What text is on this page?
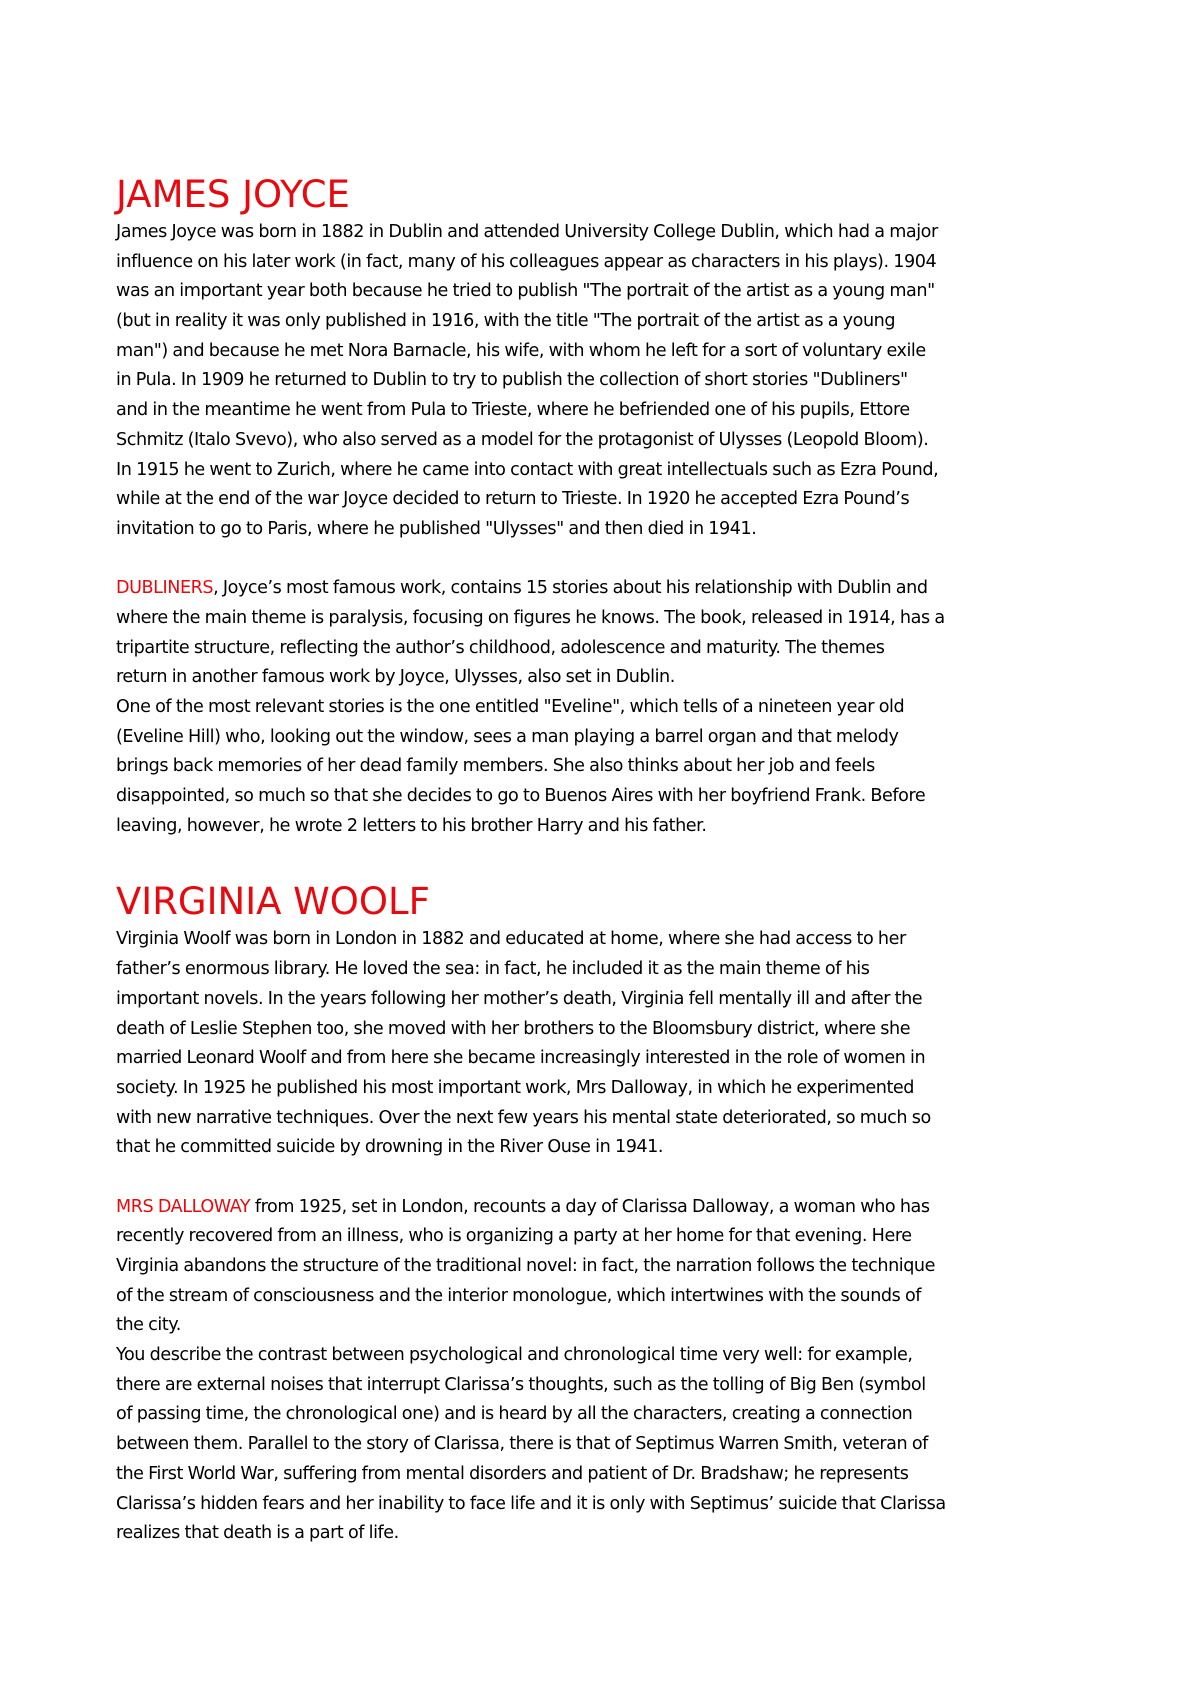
JAMES JOYCE
James Joyce was born in 1882 in Dublin and attended University College Dublin, which had a major
influence on his later work (in fact, many of his colleagues appear as characters in his plays). 1904
was an important year both because he tried to publish "The portrait of the artist as a young man"
(but in reality it was only published in 1916, with the title "The portrait of the artist as a young
man") and because he met Nora Barnacle, his wife, with whom he left for a sort of voluntary exile
in Pula. In 1909 he returned to Dublin to try to publish the collection of short stories "Dubliners"
and in the meantime he went from Pula to Trieste, where he befriended one of his pupils, Ettore
Schmitz (Italo Svevo), who also served as a model for the protagonist of Ulysses (Leopold Bloom).
In 1915 he went to Zurich, where he came into contact with great intellectuals such as Ezra Pound,
while at the end of the war Joyce decided to return to Trieste. In 1920 he accepted Ezra Pound’s
invitation to go to Paris, where he published "Ulysses" and then died in 1941.
DUBLINERS, Joyce’s most famous work, contains 15 stories about his relationship with Dublin and
where the main theme is paralysis, focusing on figures he knows. The book, released in 1914, has a
tripartite structure, reflecting the author’s childhood, adolescence and maturity. The themes
return in another famous work by Joyce, Ulysses, also set in Dublin.
One of the most relevant stories is the one entitled "Eveline", which tells of a nineteen year old
(Eveline Hill) who, looking out the window, sees a man playing a barrel organ and that melody
brings back memories of her dead family members. She also thinks about her job and feels
disappointed, so much so that she decides to go to Buenos Aires with her boyfriend Frank. Before
leaving, however, he wrote 2 letters to his brother Harry and his father.
VIRGINIA WOOLF
Virginia Woolf was born in London in 1882 and educated at home, where she had access to her
father’s enormous library. He loved the sea: in fact, he included it as the main theme of his
important novels. In the years following her mother’s death, Virginia fell mentally ill and after the
death of Leslie Stephen too, she moved with her brothers to the Bloomsbury district, where she
married Leonard Woolf and from here she became increasingly interested in the role of women in
society. In 1925 he published his most important work, Mrs Dalloway, in which he experimented
with new narrative techniques. Over the next few years his mental state deteriorated, so much so
that he committed suicide by drowning in the River Ouse in 1941.
MRS DALLOWAY from 1925, set in London, recounts a day of Clarissa Dalloway, a woman who has
recently recovered from an illness, who is organizing a party at her home for that evening. Here
Virginia abandons the structure of the traditional novel: in fact, the narration follows the technique
of the stream of consciousness and the interior monologue, which intertwines with the sounds of
the city.
You describe the contrast between psychological and chronological time very well: for example,
there are external noises that interrupt Clarissa’s thoughts, such as the tolling of Big Ben (symbol
of passing time, the chronological one) and is heard by all the characters, creating a connection
between them. Parallel to the story of Clarissa, there is that of Septimus Warren Smith, veteran of
the First World War, suffering from mental disorders and patient of Dr. Bradshaw; he represents
Clarissa’s hidden fears and her inability to face life and it is only with Septimus’ suicide that Clarissa
realizes that death is a part of life.
